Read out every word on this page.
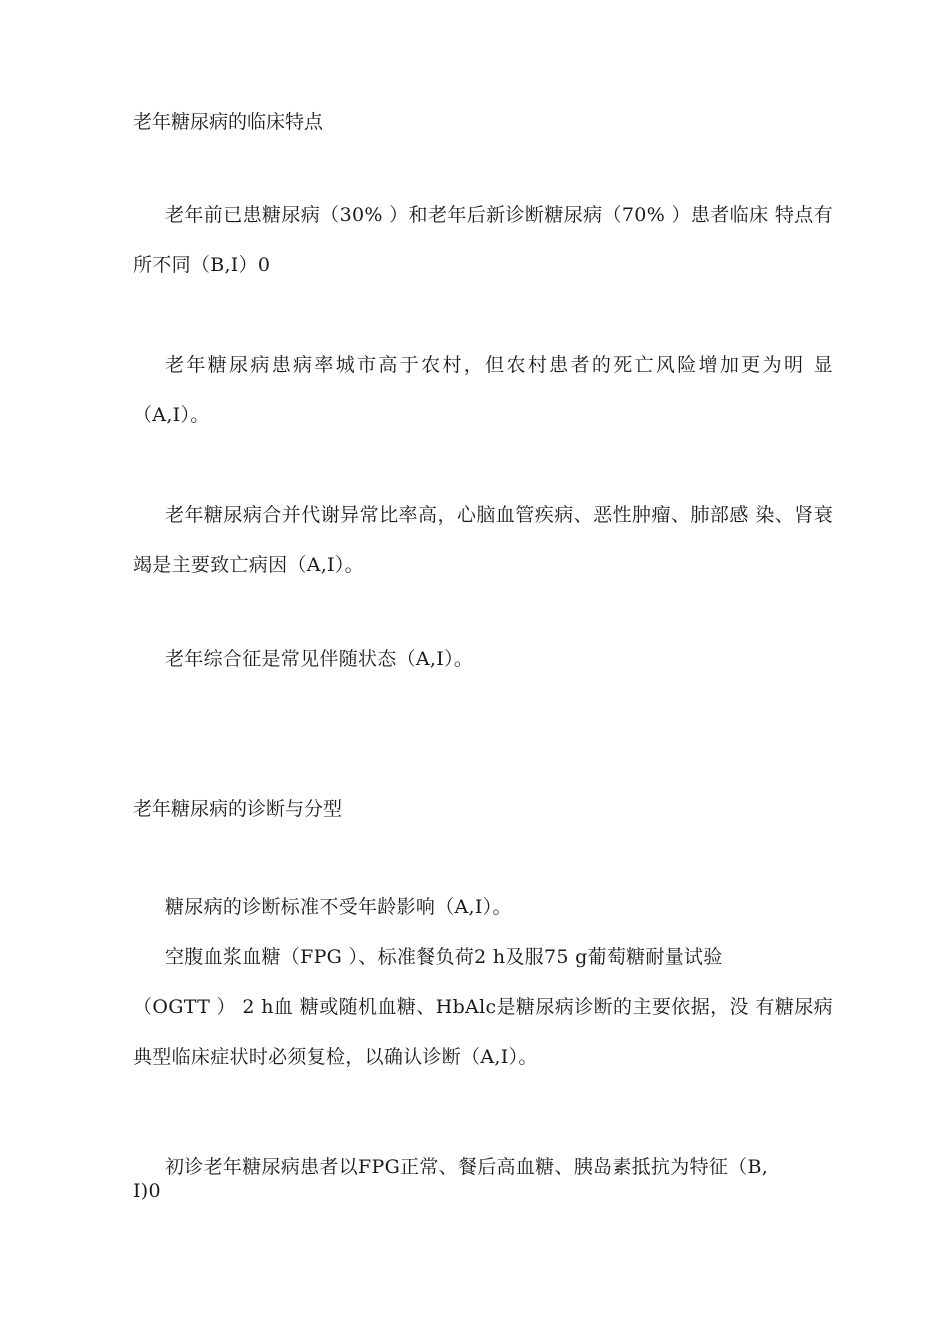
老年糖尿病的临床特点
老年前已患糖尿病（30% ）和老年后新诊断糖尿病（70% ）患者临床 特点有所不同（B,I）0
老年糖尿病患病率城市高于农村，但农村患者的死亡风险增加更为明 显（A,I）。
老年糖尿病合并代谢异常比率高，心脑血管疾病、恶性肿瘤、肺部感 染、肾衰竭是主要致亡病因（A,I）。
老年综合征是常见伴随状态（A,I）。
老年糖尿病的诊断与分型
糖尿病的诊断标准不受年龄影响（A,I）。
空腹血浆血糖（FPG ）、标准餐负荷2 h及服75 g葡萄糖耐量试验
（OGTT ） 2 h血 糖或随机血糖、HbAlc是糖尿病诊断的主要依据，没 有糖尿病典型临床症状时必须复检，以确认诊断（A,I）。
初诊老年糖尿病患者以FPG正常、餐后高血糖、胰岛素抵抗为特征（B,
I)0
